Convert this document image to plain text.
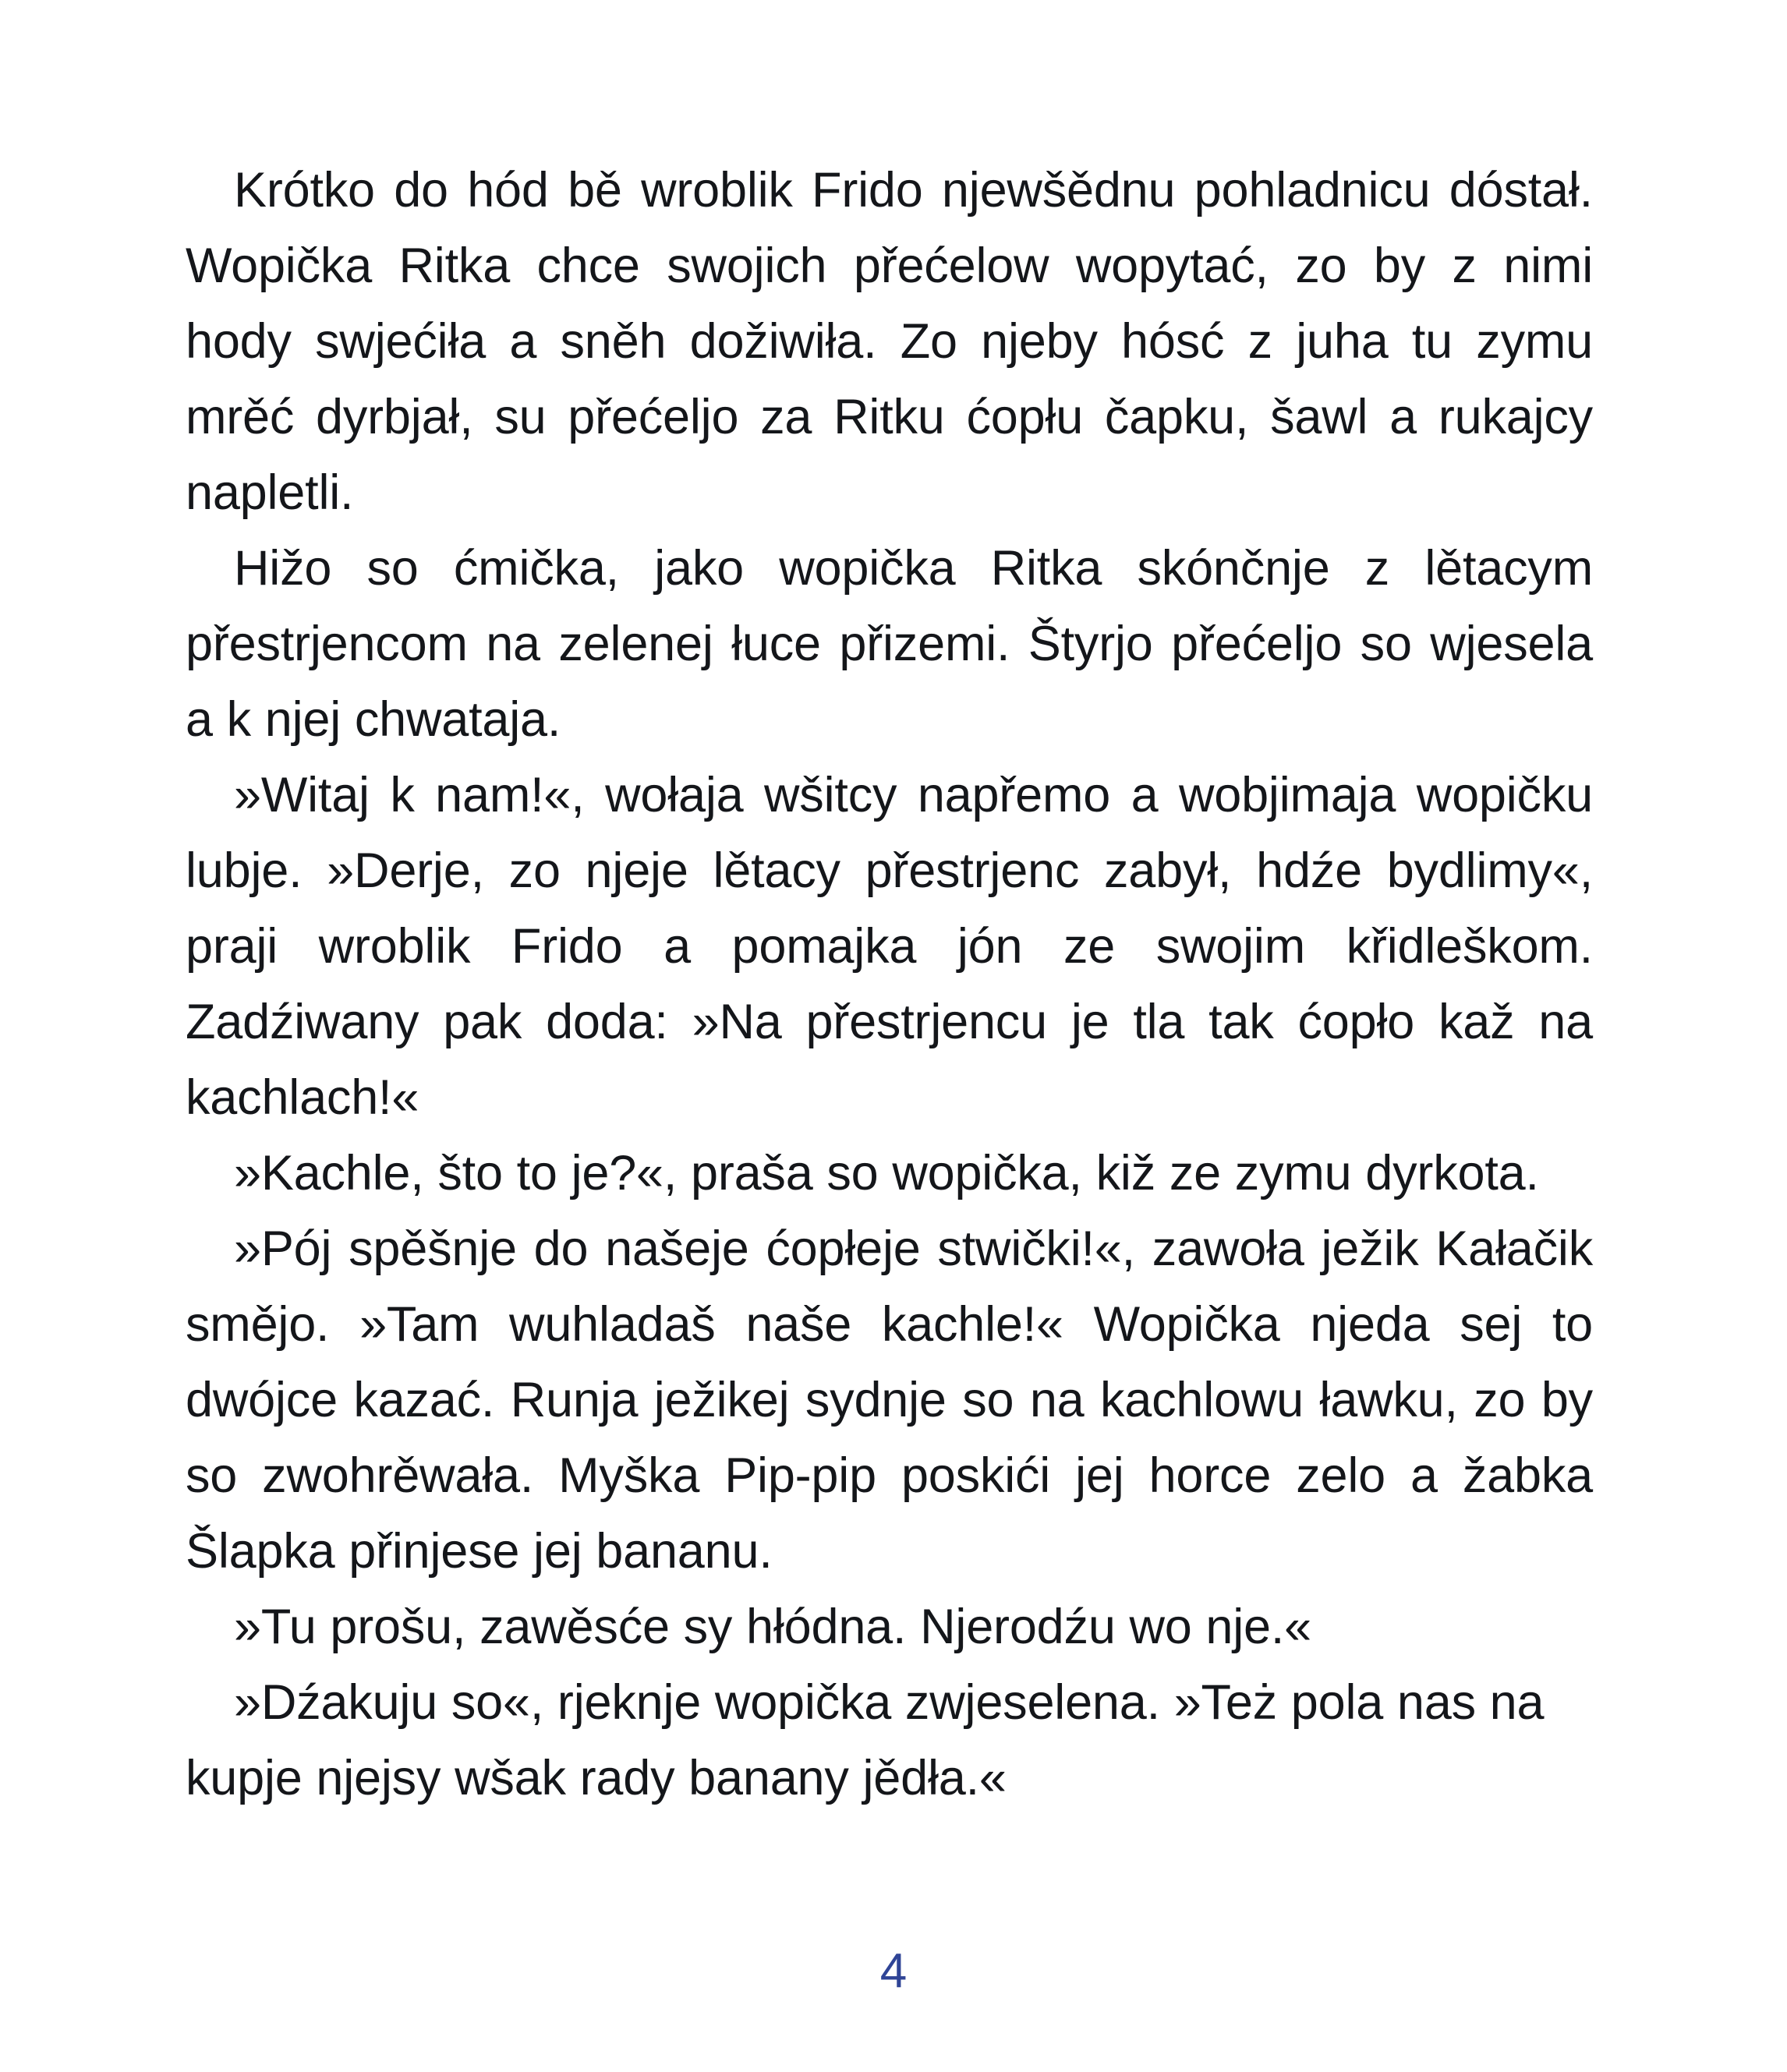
Krótko do hód bě wroblik Frido njewšědnu pohladnicu dóstał. Wopička Ritka chce swojich přećelow wopytać, zo by z nimi hody swjećiła a sněh dožiwiła. Zo njeby hósć z juha tu zymu mrěć dyrbjał, su přećeljo za Ritku ćopłu čapku, šawl a rukajcy napletli.

Hižo so ćmička, jako wopička Ritka skónčnje z lětacym přestrjencom na zelenej łuce přizemi. Štyrjo přećeljo so wjesela a k njej chwataja.

»Witaj k nam!«, wołaja wšitcy napřemo a wobjimaja wopičku lubje. »Derje, zo njeje lětacy přestrjenc zabył, hdźe bydlimy«, praji wroblik Frido a pomajka jón ze swojim křidleškom. Zadźiwany pak doda: »Na přestrjencu je tla tak ćopło kaž na kachlach!«

»Kachle, što to je?«, praša so wopička, kiž ze zymu dyrkota.

»Pój spěšnje do našeje ćopłeje stwički!«, zawoła ježik Kałačik smějo. »Tam wuhladaš naše kachle!« Wopička njeda sej to dwójce kazać. Runja ježikej sydnje so na kachlowu ławku, zo by so zwohrěwała. Myška Pip-pip poskići jej horce zelo a žabka Šlapka přinjese jej bananu.

»Tu prošu, zawěsće sy hłódna. Njerodźu wo nje.«

»Dźakuju so«, rjeknje wopička zwjeselena. »Też pola nas na kupje njejsy wšak rady banany jědła.«

4
